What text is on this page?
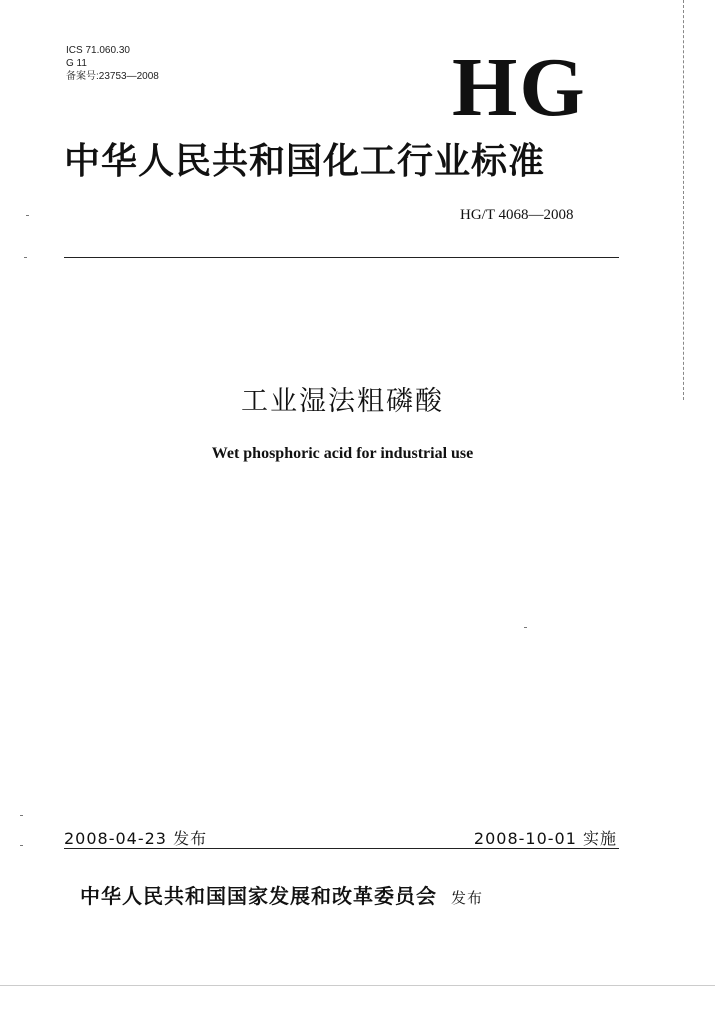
ICS 71.060.30
G 11
备案号:23753—2008	HG
中华人民共和国化工行业标准
HG/T 4068—2008
工业湿法粗磷酸
Wet phosphoric acid for industrial use
2008-04-23 发布	2008-10-01 实施
中华人民共和国国家发展和改革委员会 发布
